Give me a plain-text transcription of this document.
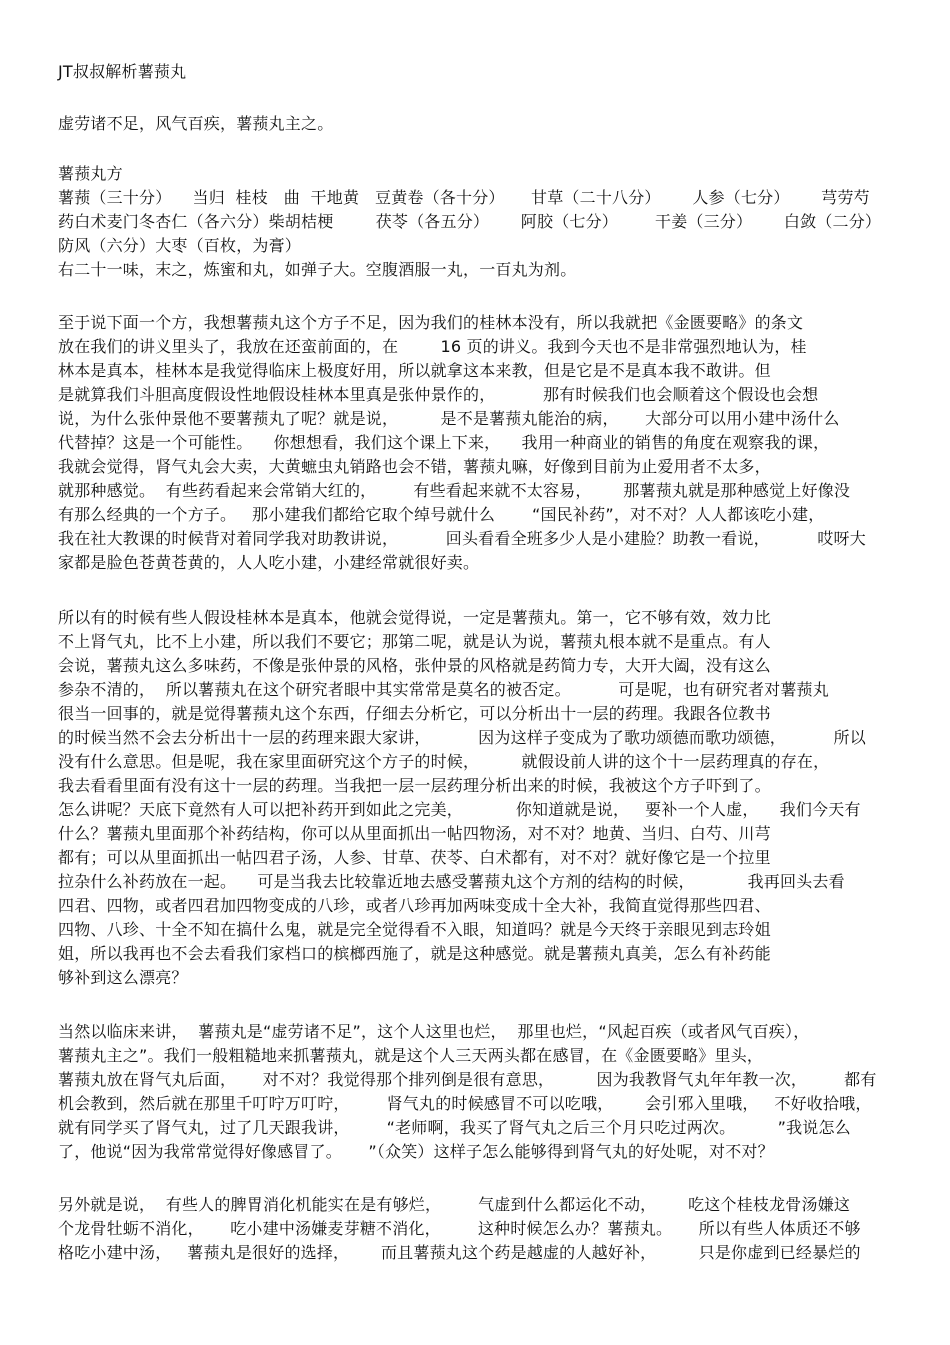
JT叔叔解析薯蓣丸
虚劳诸不足，风气百疾，薯蓣丸主之。
薯蓣丸方
薯蓣（三十分）    当归  桂枝   曲  干地黄   豆黄卷（各十分）     甘草（二十八分）      人参（七分）      芎劳芍
药白术麦门冬杏仁（各六分）柴胡桔梗        茯苓（各五分）      阿胶（七分）       干姜（三分）      白敛（二分）
防风（六分）大枣（百枚，为膏）
右二十一味，末之，炼蜜和丸，如弹子大。空腹酒服一丸，一百丸为剂。
至于说下面一个方，我想薯蓣丸这个方子不足，因为我们的桂林本没有，所以我就把《金匮要略》的条文
放在我们的讲义里头了，我放在还蛮前面的，在        16 页的讲义。我到今天也不是非常强烈地认为，桂
林本是真本，桂林本是我觉得临床上极度好用，所以就拿这本来教，但是它是不是真本我不敢讲。但
是就算我们斗胆高度假设性地假设桂林本里真是张仲景作的，         那有时候我们也会顺着这个假设也会想
说，为什么张仲景他不要薯蓣丸了呢？就是说，        是不是薯蓣丸能治的病，     大部分可以用小建中汤什么
代替掉？这是一个可能性。    你想想看，我们这个课上下来，    我用一种商业的销售的角度在观察我的课，
我就会觉得，肾气丸会大卖，大黄蟅虫丸销路也会不错，薯蓣丸嘛，好像到目前为止爱用者不太多，
就那种感觉。  有些药看起来会常销大红的，       有些看起来就不太容易，      那薯蓣丸就是那种感觉上好像没
有那么经典的一个方子。   那小建我们都给它取个绰号就什么       “国民补药”，对不对？人人都该吃小建，
我在社大教课的时候背对着同学我对助教讲说，         回头看看全班多少人是小建脸？助教一看说，         哎呀大
家都是脸色苍黄苍黄的，人人吃小建，小建经常就很好卖。
所以有的时候有些人假设桂林本是真本，他就会觉得说，一定是薯蓣丸。第一，它不够有效，效力比
不上肾气丸，比不上小建，所以我们不要它；那第二呢，就是认为说，薯蓣丸根本就不是重点。有人
会说，薯蓣丸这么多味药，不像是张仲景的风格，张仲景的风格就是药简力专，大开大阖，没有这么
参杂不清的，  所以薯蓣丸在这个研究者眼中其实常常是莫名的被否定。         可是呢，也有研究者对薯蓣丸
很当一回事的，就是觉得薯蓣丸这个东西，仔细去分析它，可以分析出十一层的药理。我跟各位教书
的时候当然不会去分析出十一层的药理来跟大家讲，         因为这样子变成为了歌功颂德而歌功颂德，         所以
没有什么意思。但是呢，我在家里面研究这个方子的时候，        就假设前人讲的这个十一层药理真的存在，
我去看看里面有没有这十一层的药理。当我把一层一层药理分析出来的时候，我被这个方子吓到了。
怎么讲呢？天底下竟然有人可以把补药开到如此之完美，          你知道就是说，   要补一个人虚，    我们今天有
什么？薯蓣丸里面那个补药结构，你可以从里面抓出一帖四物汤，对不对？地黄、当归、白芍、川芎
都有；可以从里面抓出一帖四君子汤，人参、甘草、茯苓、白术都有，对不对？就好像它是一个拉里
拉杂什么补药放在一起。    可是当我去比较靠近地去感受薯蓣丸这个方剂的结构的时候，          我再回头去看
四君、四物，或者四君加四物变成的八珍，或者八珍再加两味变成十全大补，我简直觉得那些四君、
四物、八珍、十全不知在搞什么鬼，就是完全觉得看不入眼，知道吗？就是今天终于亲眼见到志玲姐
姐，所以我再也不会去看我们家档口的槟榔西施了，就是这种感觉。就是薯蓣丸真美，怎么有补药能
够补到这么漂亮？
当然以临床来讲，  薯蓣丸是“虚劳诸不足”，这个人这里也烂，  那里也烂，“风起百疾（或者风气百疾），
薯蓣丸主之”。我们一般粗糙地来抓薯蓣丸，就是这个人三天两头都在感冒，在《金匮要略》里头，
薯蓣丸放在肾气丸后面，     对不对？我觉得那个排列倒是很有意思，        因为我教肾气丸年年教一次，       都有
机会教到，然后就在那里千叮咛万叮咛，       肾气丸的时候感冒不可以吃哦，      会引邪入里哦，   不好收拾哦，
就有同学买了肾气丸，过了几天跟我讲，       “老师啊，我买了肾气丸之后三个月只吃过两次。        ”我说怎么
了，他说“因为我常常觉得好像感冒了。     ”（众笑）这样子怎么能够得到肾气丸的好处呢，对不对？
另外就是说，  有些人的脾胃消化机能实在是有够烂，       气虚到什么都运化不动，      吃这个桂枝龙骨汤嫌这
个龙骨牡蛎不消化，     吃小建中汤嫌麦芽糖不消化，       这种时候怎么办？薯蓣丸。     所以有些人体质还不够
格吃小建中汤，   薯蓣丸是很好的选择，      而且薯蓣丸这个药是越虚的人越好补，        只是你虚到已经暴烂的
